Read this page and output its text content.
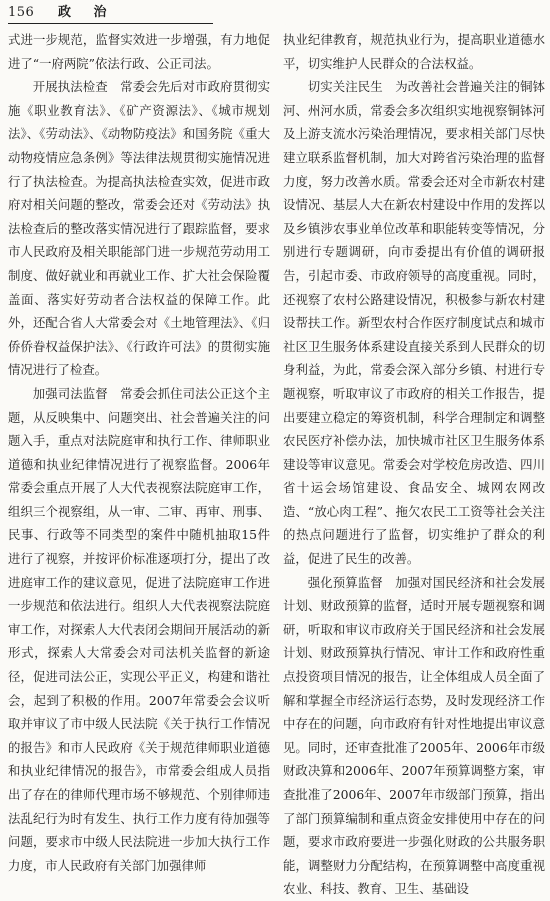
156 政 治

式进一步规范，监督实效进一步增强，有力地促进了“一府两院”依法行政、公正司法。

开展执法检查　常委会先后对市政府贯彻实施《职业教育法》、《矿产资源法》、《城市规划法》、《劳动法》、《动物防疫法》和国务院《重大动物疫情应急条例》等法律法规贯彻实施情况进行了执法检查。为提高执法检查实效，促进市政府对相关问题的整改，常委会还对《劳动法》执法检查后的整改落实情况进行了跟踪监督，要求市人民政府及相关职能部门进一步规范劳动用工制度、做好就业和再就业工作、扩大社会保险覆盖面、落实好劳动者合法权益的保障工作。此外，还配合省人大常委会对《土地管理法》、《归侨侨眷权益保护法》、《行政许可法》的贯彻实施情况进行了检查。

加强司法监督　常委会抓住司法公正这个主题，从反映集中、问题突出、社会普遍关注的问题入手，重点对法院庭审和执行工作、律师职业道德和执业纪律情况进行了视察监督。2006年常委会重点开展了人大代表视察法院庭审工作，组织三个视察组，从一审、二审、再审、刑事、民事、行政等不同类型的案件中随机抽取15件进行了视察，并按评价标准逐项打分，提出了改进庭审工作的建议意见，促进了法院庭审工作进一步规范和依法进行。组织人大代表视察法院庭审工作，对探索人大代表闭会期间开展活动的新形式，探索人大常委会对司法机关监督的新途径，促进司法公正，实现公平正义，构建和谐社会，起到了积极的作用。2007年常委会会议听取并审议了市中级人民法院《关于执行工作情况的报告》和市人民政府《关于规范律师职业道德和执业纪律情况的报告》，市常委会组成人员指出了存在的律师代理市场不够规范、个别律师违法乱纪行为时有发生、执行工作力度有待加强等问题，要求市中级人民法院进一步加大执行工作力度，市人民政府有关部门加强律师

执业纪律教育，规范执业行为，提高职业道德水平，切实维护人民群众的合法权益。

切实关注民生　为改善社会普遍关注的铜钵河、州河水质，常委会多次组织实地视察铜钵河及上游支流水污染治理情况，要求相关部门尽快建立联系监督机制，加大对跨省污染治理的监督力度，努力改善水质。常委会还对全市新农村建设情况、基层人大在新农村建设中作用的发挥以及乡镇涉农事业单位改革和职能转变等情况，分别进行专题调研，向市委提出有价值的调研报告，引起市委、市政府领导的高度重视。同时，还视察了农村公路建设情况，积极参与新农村建设帮扶工作。新型农村合作医疗制度试点和城市社区卫生服务体系建设直接关系到人民群众的切身利益，为此，常委会深入部分乡镇、村进行专题视察，听取审议了市政府的相关工作报告，提出要建立稳定的筹资机制，科学合理制定和调整农民医疗补偿办法，加快城市社区卫生服务体系建设等审议意见。常委会对学校危房改造、四川省十运会场馆建设、食品安全、城网农网改造、“放心肉工程”、拖欠农民工工资等社会关注的热点问题进行了监督，切实维护了群众的利益，促进了民生的改善。

强化预算监督　加强对国民经济和社会发展计划、财政预算的监督，适时开展专题视察和调研，听取和审议市政府关于国民经济和社会发展计划、财政预算执行情况、审计工作和政府性重点投资项目情况的报告，让全体组成人员全面了解和掌握全市经济运行态势，及时发现经济工作中存在的问题，向市政府有针对性地提出审议意见。同时，还审查批准了2005年、2006年市级财政决算和2006年、2007年预算调整方案，审查批准了2006年、2007年市级部门预算，指出了部门预算编制和重点资金安排使用中存在的问题，要求市政府要进一步强化财政的公共服务职能，调整财力分配结构，在预算调整中高度重视农业、科技、教育、卫生、基础设
